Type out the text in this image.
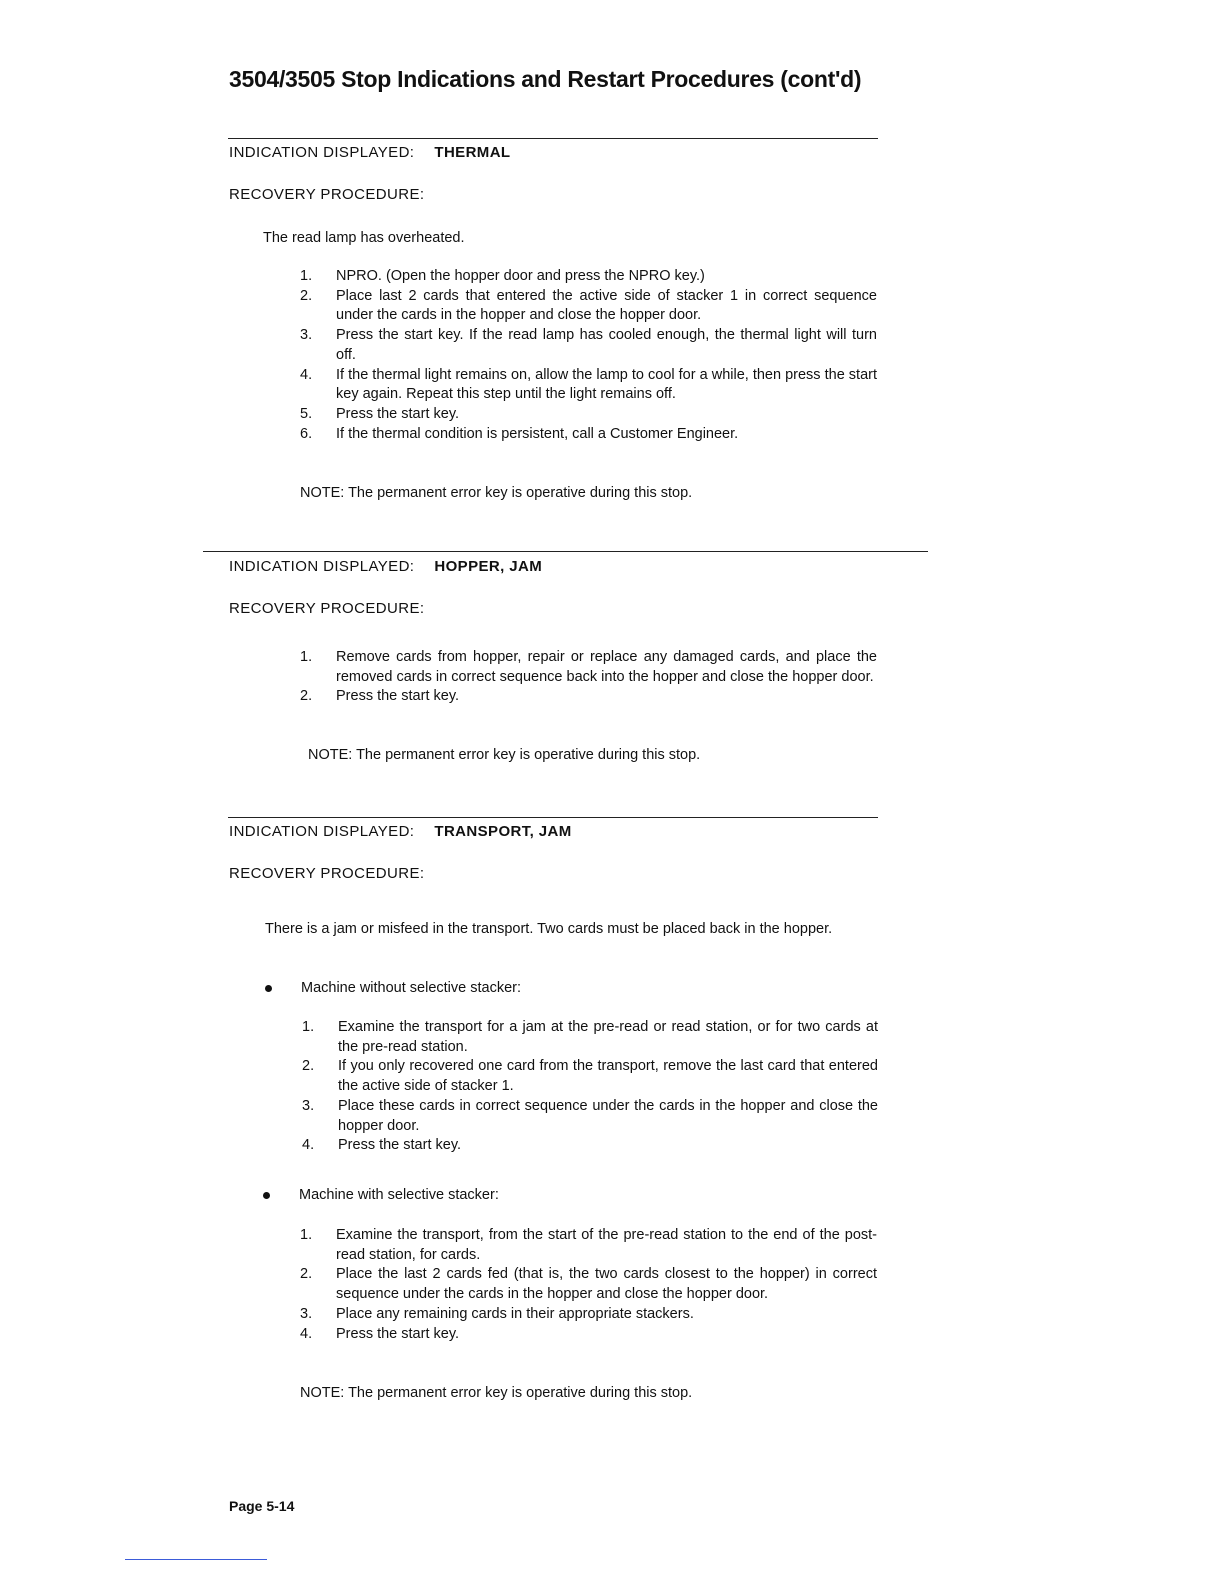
3504/3505 Stop Indications and Restart Procedures (cont'd)
INDICATION DISPLAYED: THERMAL
RECOVERY PROCEDURE:
The read lamp has overheated.
1. NPRO. (Open the hopper door and press the NPRO key.)
2. Place last 2 cards that entered the active side of stacker 1 in correct sequence under the cards in the hopper and close the hopper door.
3. Press the start key. If the read lamp has cooled enough, the thermal light will turn off.
4. If the thermal light remains on, allow the lamp to cool for a while, then press the start key again. Repeat this step until the light remains off.
5. Press the start key.
6. If the thermal condition is persistent, call a Customer Engineer.
NOTE: The permanent error key is operative during this stop.
INDICATION DISPLAYED: HOPPER, JAM
RECOVERY PROCEDURE:
1. Remove cards from hopper, repair or replace any damaged cards, and place the removed cards in correct sequence back into the hopper and close the hopper door.
2. Press the start key.
NOTE: The permanent error key is operative during this stop.
INDICATION DISPLAYED: TRANSPORT, JAM
RECOVERY PROCEDURE:
There is a jam or misfeed in the transport. Two cards must be placed back in the hopper.
Machine without selective stacker:
1. Examine the transport for a jam at the pre-read or read station, or for two cards at the pre-read station.
2. If you only recovered one card from the transport, remove the last card that entered the active side of stacker 1.
3. Place these cards in correct sequence under the cards in the hopper and close the hopper door.
4. Press the start key.
Machine with selective stacker:
1. Examine the transport, from the start of the pre-read station to the end of the post-read station, for cards.
2. Place the last 2 cards fed (that is, the two cards closest to the hopper) in correct sequence under the cards in the hopper and close the hopper door.
3. Place any remaining cards in their appropriate stackers.
4. Press the start key.
NOTE: The permanent error key is operative during this stop.
Page 5-14
